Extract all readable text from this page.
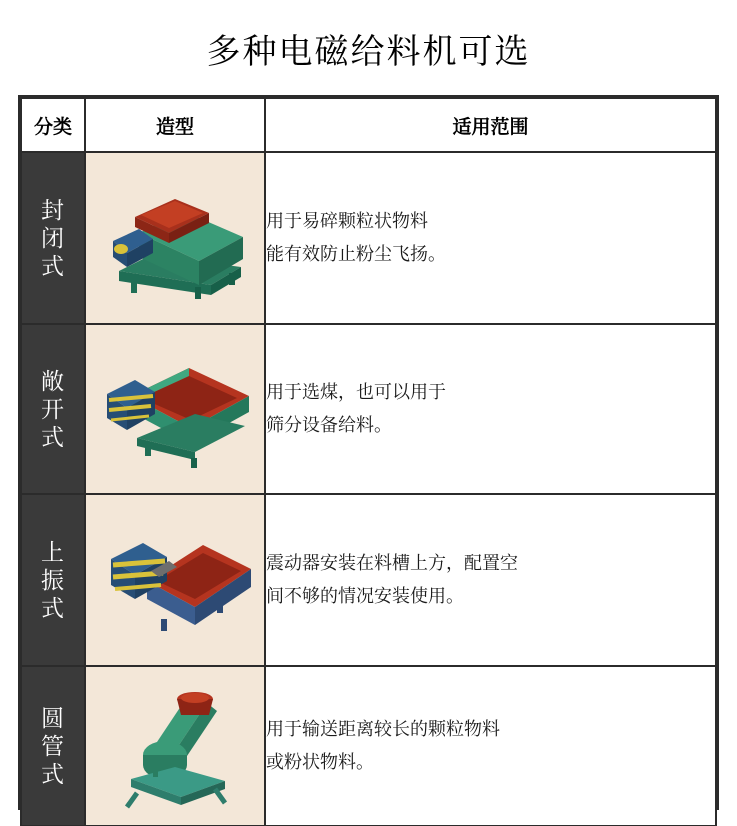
多种电磁给料机可选
分类	造型	适用范围

封闭式		用于易碎颗粒状物料
能有效防止粉尘飞扬。

敞开式		用于选煤，也可以用于
筛分设备给料。

上振式		震动器安装在料槽上方，配置空
间不够的情况安装使用。

圆管式		用于输送距离较长的颗粒物料
或粉状物料。
